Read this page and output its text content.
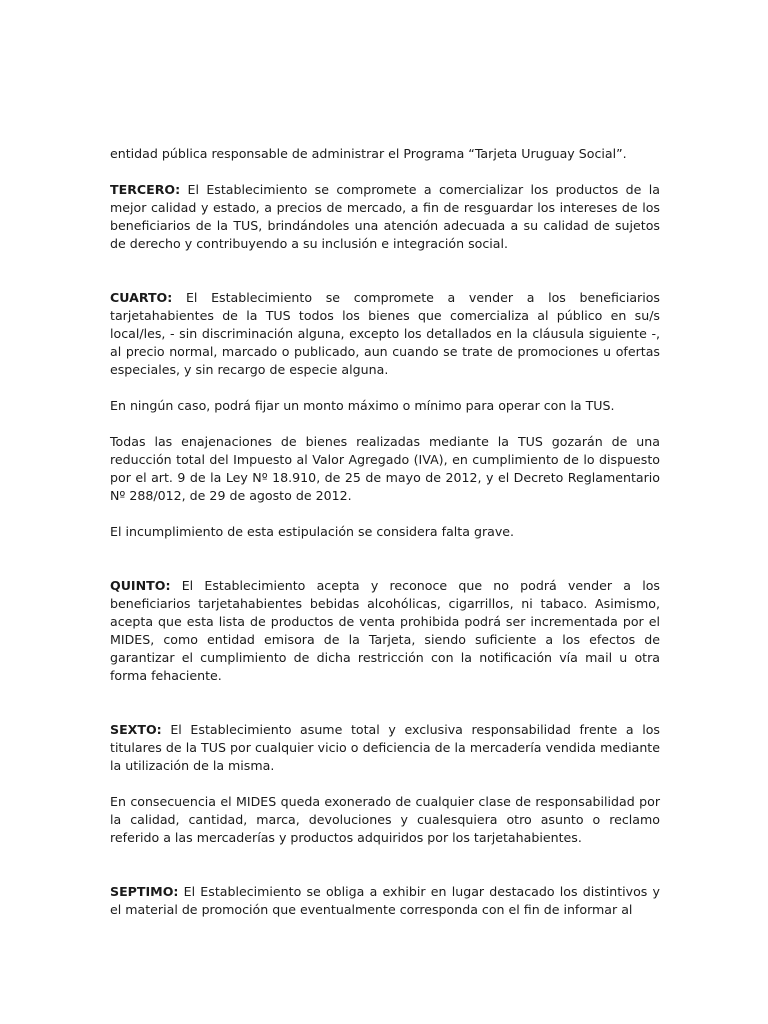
entidad pública responsable de administrar el Programa “Tarjeta Uruguay Social”.

TERCERO: El Establecimiento se compromete a comercializar los productos de la mejor calidad y estado, a precios de mercado, a fin de resguardar los intereses de los beneficiarios de la TUS, brindándoles una atención adecuada a su calidad de sujetos de derecho y contribuyendo a su inclusión e integración social.

CUARTO: El Establecimiento se compromete a vender a los beneficiarios tarjetahabientes de la TUS todos los bienes que comercializa al público en su/s local/les, - sin discriminación alguna, excepto los detallados en la cláusula siguiente -, al precio normal, marcado o publicado, aun cuando se trate de promociones u ofertas especiales, y sin recargo de especie alguna.

En ningún caso, podrá fijar un monto máximo o mínimo para operar con la TUS.

Todas las enajenaciones de bienes realizadas mediante la TUS gozarán de una reducción total del Impuesto al Valor Agregado (IVA), en cumplimiento de lo dispuesto por el art. 9 de la Ley Nº 18.910, de 25 de mayo de 2012, y el Decreto Reglamentario Nº 288/012, de 29 de agosto de 2012.

El incumplimiento de esta estipulación se considera falta grave.

QUINTO: El Establecimiento acepta y reconoce que no podrá vender a los beneficiarios tarjetahabientes bebidas alcohólicas, cigarrillos, ni tabaco. Asimismo, acepta que esta lista de productos de venta prohibida podrá ser incrementada por el MIDES, como entidad emisora de la Tarjeta, siendo suficiente a los efectos de garantizar el cumplimiento de dicha restricción con la notificación vía mail u otra forma fehaciente.

SEXTO: El Establecimiento asume total y exclusiva responsabilidad frente a los titulares de la TUS por cualquier vicio o deficiencia de la mercadería vendida mediante la utilización de la misma.

En consecuencia el MIDES queda exonerado de cualquier clase de responsabilidad por la calidad, cantidad, marca, devoluciones y cualesquiera otro asunto o reclamo referido a las mercaderías y productos adquiridos por los tarjetahabientes.

SEPTIMO: El Establecimiento se obliga a exhibir en lugar destacado los distintivos y el material de promoción que eventualmente corresponda con el fin de informar al
